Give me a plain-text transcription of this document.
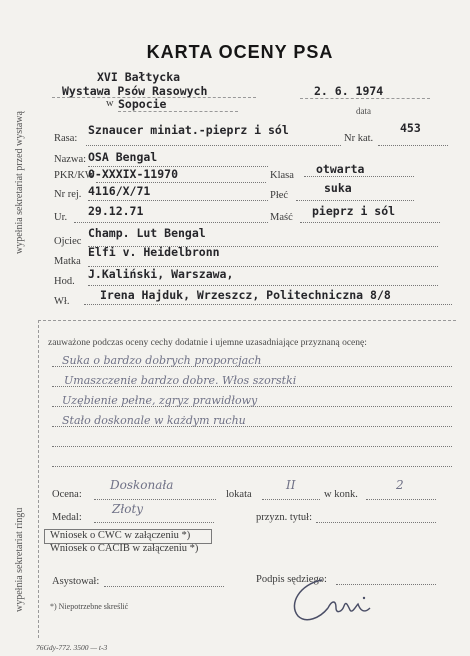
wypełnia sekretariat przed wystawą
wypełnia sekretariat ringu
KARTA OCENY PSA
XVI Bałtycka
Wystawa Psów Rasowych
w Sopocie
2. 6. 1974
data
Rasa:
Sznaucer miniat.-pieprz i sól
Nr kat.
453
Nazwa: OSA Bengal
Klasa otwarta
PKR/KW
0-XXXIX-11970
Nr rej. 4116/X/71	Płeć
suka
Ur. 29.12.71	Maść pieprz i sól
Ojciec
Champ. Lut Bengal
Matka
Elfi v. Heidelbronn
Hod.
J.Kaliński, Warszawa,
Wł.	Irena Hajduk, Wrzeszcz, Politechniczna 8/8
zauważone podczas oceny cechy dodatnie i ujemne uzasadniające przyznaną ocenę:
Suka o bardzo dobrych proporcjach
Umaszczenie bardzo dobre. Włos szorstki
Uzębienie pełne, zgryz prawidłowy
Stało doskonale w każdym ruchu
Ocena:
Doskonała
lokata
II
w konk.
2
Medal:
Złoty
przyzn. tytuł:
Wniosek o CWC w załączeniu *)
Wniosek o CACIB w załączeniu *)
Asystował:	Podpis sędziego:
*) Niepotrzebne skreślić
76Gdy-772. 3500 — t-3
